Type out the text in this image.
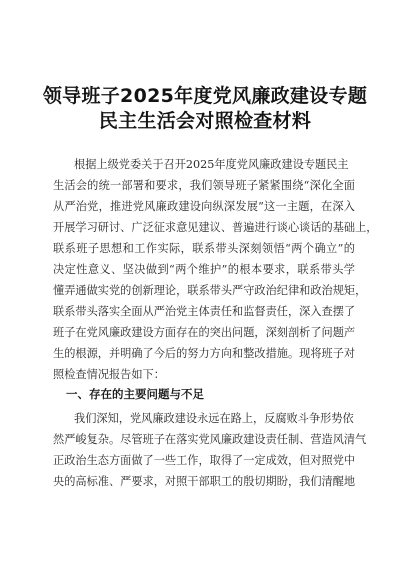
领导班子2025年度党风廉政建设专题
民主生活会对照检查材料
根据上级党委关于召开2025年度党风廉政建设专题民主
生活会的统一部署和要求，我们领导班子紧紧围绕“深化全面
从严治党，推进党风廉政建设向纵深发展”这一主题，在深入
开展学习研讨、广泛征求意见建议、普遍进行谈心谈话的基础上，
联系班子思想和工作实际，联系带头深刻领悟“两个确立”的
决定性意义、坚决做到“两个维护”的根本要求，联系带头学
懂弄通做实党的创新理论，联系带头严守政治纪律和政治规矩，
联系带头落实全面从严治党主体责任和监督责任，深入查摆了
班子在党风廉政建设方面存在的突出问题，深刻剖析了问题产
生的根源，并明确了今后的努力方向和整改措施。现将班子对
一、存在的主要问题与不足
我们深知，党风廉政建设永远在路上，反腐败斗争形势依
然严峻复杂。尽管班子在落实党风廉政建设责任制、营造风清气
正政治生态方面做了一些工作，取得了一定成效，但对照党中
央的高标准、严要求，对照干部职工的殷切期盼，我们清醒地
照检查情况报告如下：
